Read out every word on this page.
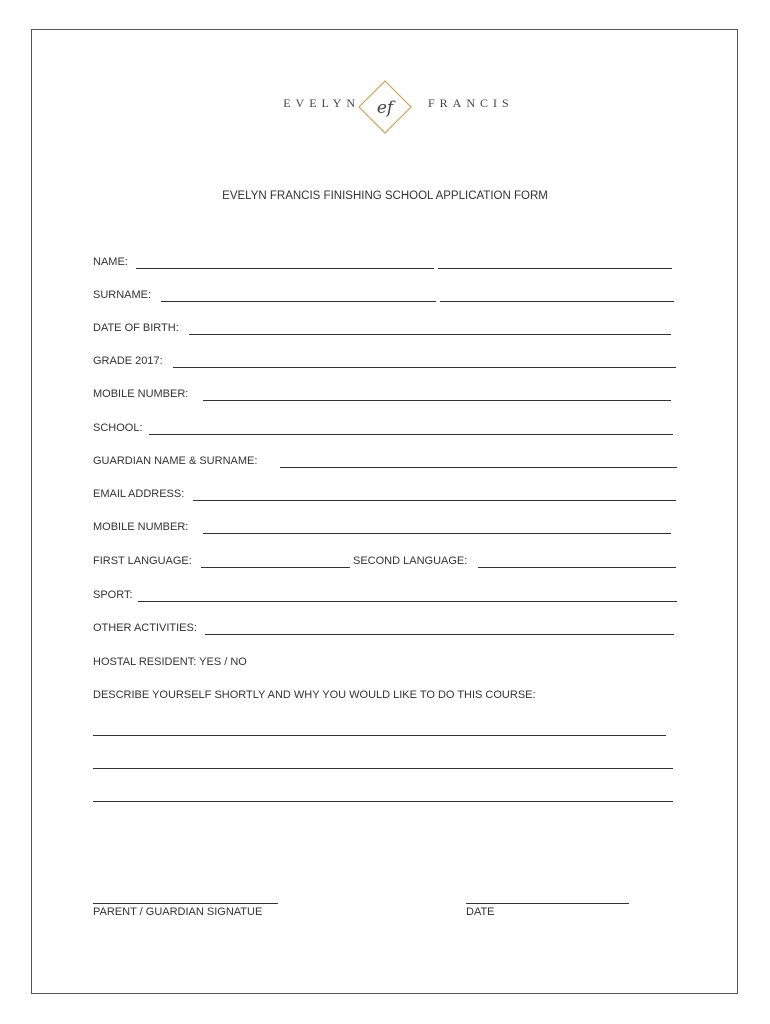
EVELYN ef	FRANCIS
EVELYN FRANCIS FINISHING SCHOOL APPLICATION FORM
NAME:
SURNAME:
DATE OF BIRTH:
GRADE 2017:
MOBILE NUMBER:
SCHOOL:
GUARDIAN NAME & SURNAME:
EMAIL ADDRESS:
MOBILE NUMBER:
FIRST LANGUAGE:	SECOND LANGUAGE:
SPORT:
OTHER ACTIVITIES:
HOSTAL RESIDENT: YES / NO
DESCRIBE YOURSELF SHORTLY AND WHY YOU WOULD LIKE TO DO THIS COURSE:
PARENT / GUARDIAN SIGNATUE	DATE
